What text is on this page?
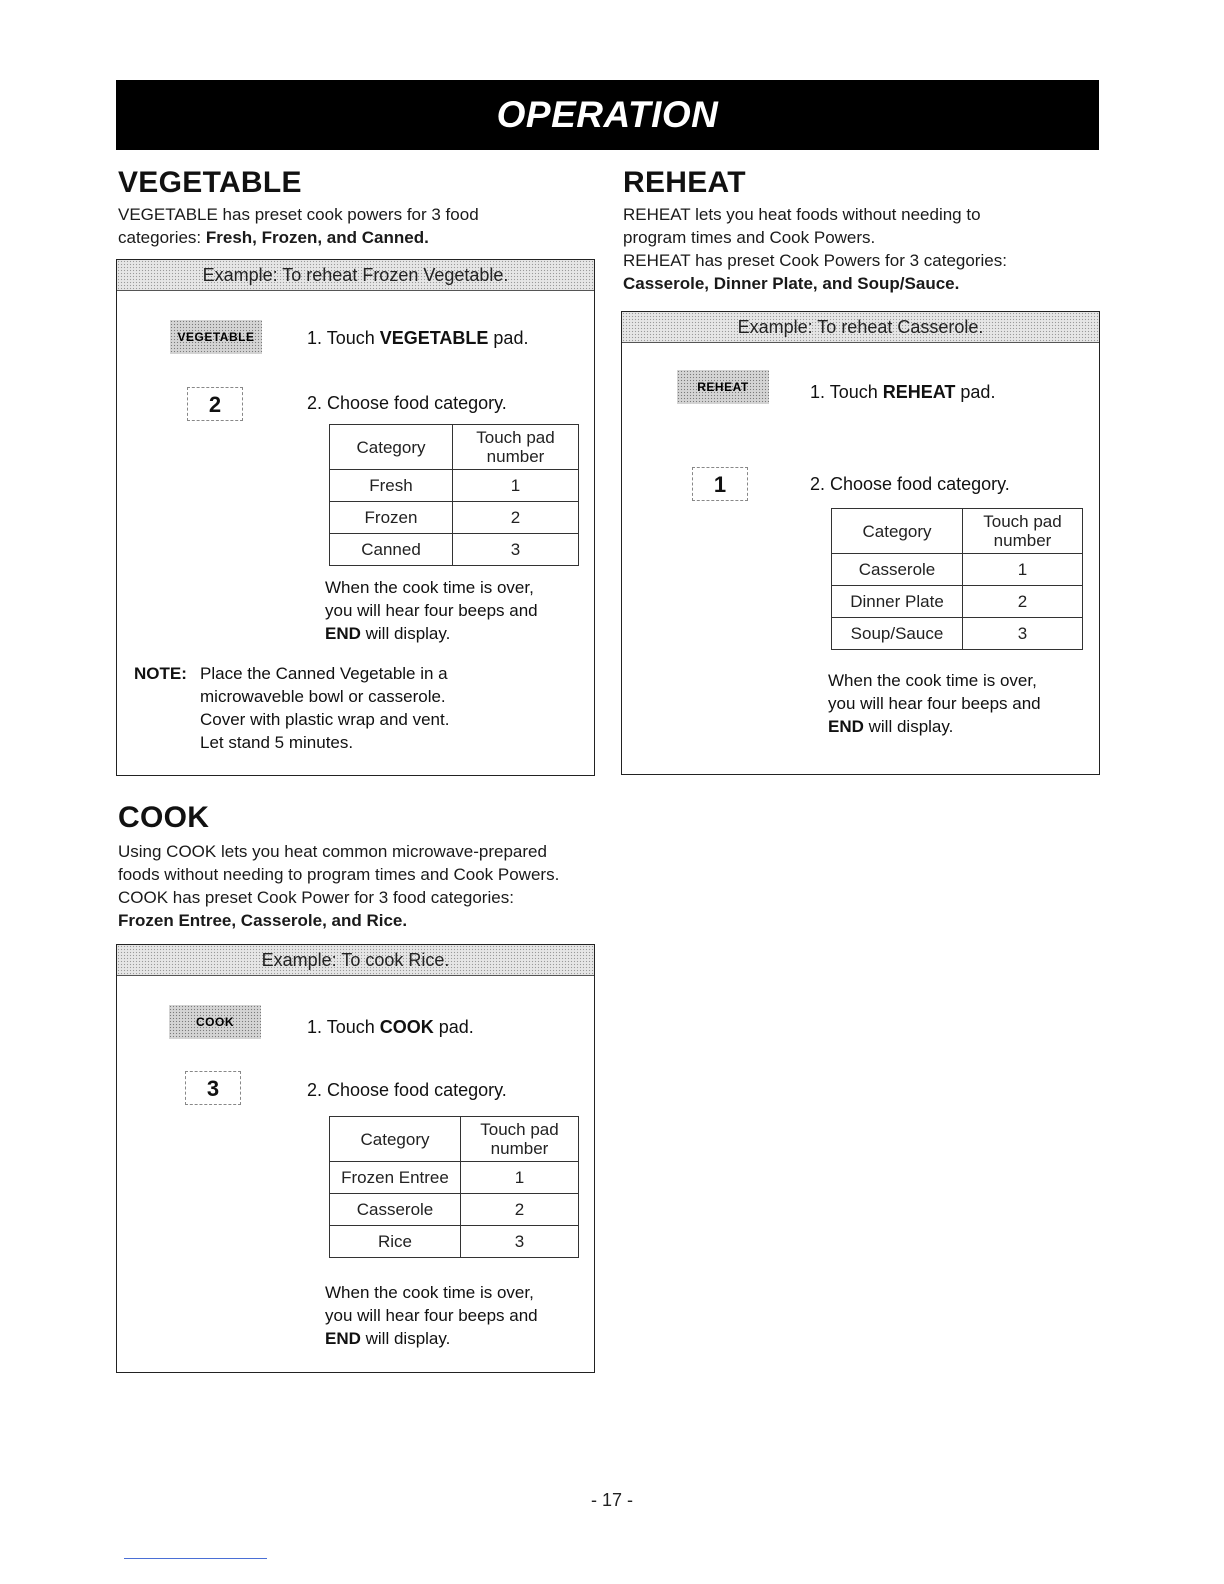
OPERATION
VEGETABLE
VEGETABLE has preset cook powers for 3 food
categories: Fresh, Frozen, and Canned.
Example: To reheat Frozen Vegetable.
VEGETABLE	1. Touch VEGETABLE pad.
2	2. Choose food category.
Category	Touch pad
number
Fresh	1
Frozen	2
Canned	3
When the cook time is over,
you will hear four beeps and
END will display.
NOTE: Place the Canned Vegetable in a
microwaveble bowl or casserole.
Cover with plastic wrap and vent.
Let stand 5 minutes.
REHEAT
REHEAT lets you heat foods without needing to
program times and Cook Powers.
REHEAT has preset Cook Powers for 3 categories:
Casserole, Dinner Plate, and Soup/Sauce.
Example: To reheat Casserole.
REHEAT	1. Touch REHEAT pad.
1	2. Choose food category.
Category	Touch pad
number
Casserole	1
Dinner Plate	2
Soup/Sauce	3
When the cook time is over,
you will hear four beeps and
END will display.
COOK
Using COOK lets you heat common microwave-prepared
foods without needing to program times and Cook Powers.
COOK has preset Cook Power for 3 food categories:
Frozen Entree, Casserole, and Rice.
Example: To cook Rice.
COOK	1. Touch COOK pad.
3	2. Choose food category.
Category	Touch pad
number
Frozen Entree	1
Casserole	2
Rice	3
When the cook time is over,
you will hear four beeps and
END will display.
- 17 -
